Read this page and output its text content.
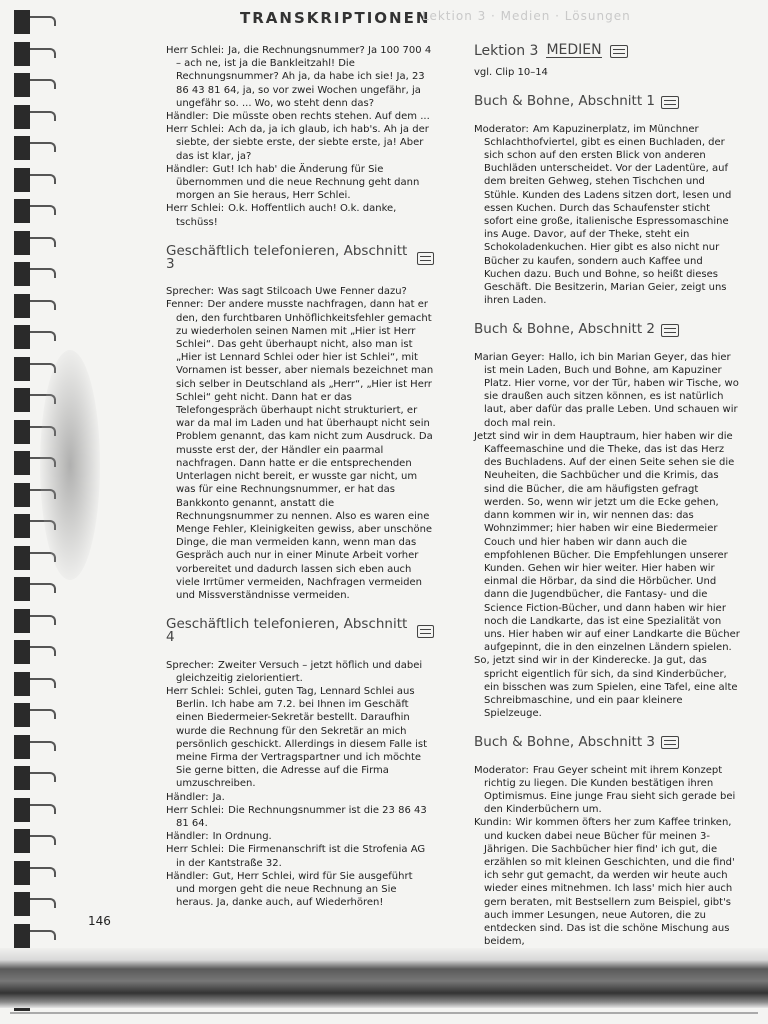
TRANSKRIPTIONEN
Lektion 3 · Medien · Lösungen

Herr Schlei: Ja, die Rechnungsnummer? Ja 100 700 4 – ach ne, ist ja die Bankleitzahl! Die Rechnungsnummer? Ah ja, da habe ich sie! Ja, 23 86 43 81 64, ja, so vor zwei Wochen ungefähr, ja ungefähr so. ... Wo, wo steht denn das?

Händler: Die müsste oben rechts stehen. Auf dem ...

Herr Schlei: Ach da, ja ich glaub, ich hab's. Ah ja der siebte, der siebte erste, der siebte erste, ja! Aber das ist klar, ja?

Händler: Gut! Ich hab' die Änderung für Sie übernommen und die neue Rechnung geht dann morgen an Sie heraus, Herr Schlei.

Herr Schlei: O.k. Hoffentlich auch! O.k. danke, tschüss!

Geschäftlich telefonieren, Abschnitt 3

Sprecher: Was sagt Stilcoach Uwe Fenner dazu?

Fenner: Der andere musste nachfragen, dann hat er den, den furchtbaren Unhöflichkeitsfehler gemacht zu wiederholen seinen Namen mit „Hier ist Herr Schlei“. Das geht überhaupt nicht, also man ist „Hier ist Lennard Schlei oder hier ist Schlei“, mit Vornamen ist besser, aber niemals bezeichnet man sich selber in Deutschland als „Herr“, „Hier ist Herr Schlei“ geht nicht. Dann hat er das Telefongespräch überhaupt nicht strukturiert, er war da mal im Laden und hat überhaupt nicht sein Problem genannt, das kam nicht zum Ausdruck. Da musste erst der, der Händler ein paarmal nachfragen. Dann hatte er die entsprechenden Unterlagen nicht bereit, er wusste gar nicht, um was für eine Rechnungsnummer, er hat das Bankkonto genannt, anstatt die Rechnungsnummer zu nennen. Also es waren eine Menge Fehler, Kleinigkeiten gewiss, aber unschöne Dinge, die man vermeiden kann, wenn man das Gespräch auch nur in einer Minute Arbeit vorher vorbereitet und dadurch lassen sich eben auch viele Irrtümer vermeiden, Nachfragen vermeiden und Missverständnisse vermeiden.

Geschäftlich telefonieren, Abschnitt 4

Sprecher: Zweiter Versuch – jetzt höflich und dabei gleichzeitig zielorientiert.

Herr Schlei: Schlei, guten Tag, Lennard Schlei aus Berlin. Ich habe am 7.2. bei Ihnen im Geschäft einen Biedermeier-Sekretär bestellt. Daraufhin wurde die Rechnung für den Sekretär an mich persönlich geschickt. Allerdings in diesem Falle ist meine Firma der Vertragspartner und ich möchte Sie gerne bitten, die Adresse auf die Firma umzuschreiben.

Händler: Ja.

Herr Schlei: Die Rechnungsnummer ist die 23 86 43 81 64.

Händler: In Ordnung.

Herr Schlei: Die Firmenanschrift ist die Strofenia AG in der Kantstraße 32.

Händler: Gut, Herr Schlei, wird für Sie ausgeführt und morgen geht die neue Rechnung an Sie heraus. Ja, danke auch, auf Wiederhören!

Lektion 3 MEDIEN
vgl. Clip 10–14
Buch & Bohne, Abschnitt 1

Moderator: Am Kapuzinerplatz, im Münchner Schlachthofviertel, gibt es einen Buchladen, der sich schon auf den ersten Blick von anderen Buchläden unterscheidet. Vor der Ladentüre, auf dem breiten Gehweg, stehen Tischchen und Stühle. Kunden des Ladens sitzen dort, lesen und essen Kuchen. Durch das Schaufenster sticht sofort eine große, italienische Espressomaschine ins Auge. Davor, auf der Theke, steht ein Schokoladenkuchen. Hier gibt es also nicht nur Bücher zu kaufen, sondern auch Kaffee und Kuchen dazu. Buch und Bohne, so heißt dieses Geschäft. Die Besitzerin, Marian Geier, zeigt uns ihren Laden.

Buch & Bohne, Abschnitt 2

Marian Geyer: Hallo, ich bin Marian Geyer, das hier ist mein Laden, Buch und Bohne, am Kapuziner Platz. Hier vorne, vor der Tür, haben wir Tische, wo sie draußen auch sitzen können, es ist natürlich laut, aber dafür das pralle Leben. Und schauen wir doch mal rein.

Jetzt sind wir in dem Hauptraum, hier haben wir die Kaffeemaschine und die Theke, das ist das Herz des Buchladens. Auf der einen Seite sehen sie die Neuheiten, die Sachbücher und die Krimis, das sind die Bücher, die am häufigsten gefragt werden. So, wenn wir jetzt um die Ecke gehen, dann kommen wir in, wir nennen das: das Wohnzimmer; hier haben wir eine Biedermeier Couch und hier haben wir dann auch die empfohlenen Bücher. Die Empfehlungen unserer Kunden. Gehen wir hier weiter. Hier haben wir einmal die Hörbar, da sind die Hörbücher. Und dann die Jugendbücher, die Fantasy- und die Science Fiction-Bücher, und dann haben wir hier noch die Landkarte, das ist eine Spezialität von uns. Hier haben wir auf einer Landkarte die Bücher aufgepinnt, die in den einzelnen Ländern spielen.

So, jetzt sind wir in der Kinderecke. Ja gut, das spricht eigentlich für sich, da sind Kinderbücher, ein bisschen was zum Spielen, eine Tafel, eine alte Schreibmaschine, und ein paar kleinere Spielzeuge.

Buch & Bohne, Abschnitt 3

Moderator: Frau Geyer scheint mit ihrem Konzept richtig zu liegen. Die Kunden bestätigen ihren Optimismus. Eine junge Frau sieht sich gerade bei den Kinderbüchern um.

Kundin: Wir kommen öfters her zum Kaffee trinken, und kucken dabei neue Bücher für meinen 3-Jährigen. Die Sachbücher hier find' ich gut, die erzählen so mit kleinen Geschichten, und die find' ich sehr gut gemacht, da werden wir heute auch wieder eines mitnehmen. Ich lass' mich hier auch gern beraten, mit Bestsellern zum Beispiel, gibt's auch immer Lesungen, neue Autoren, die zu entdecken sind. Das ist die schöne Mischung aus beidem,

146
